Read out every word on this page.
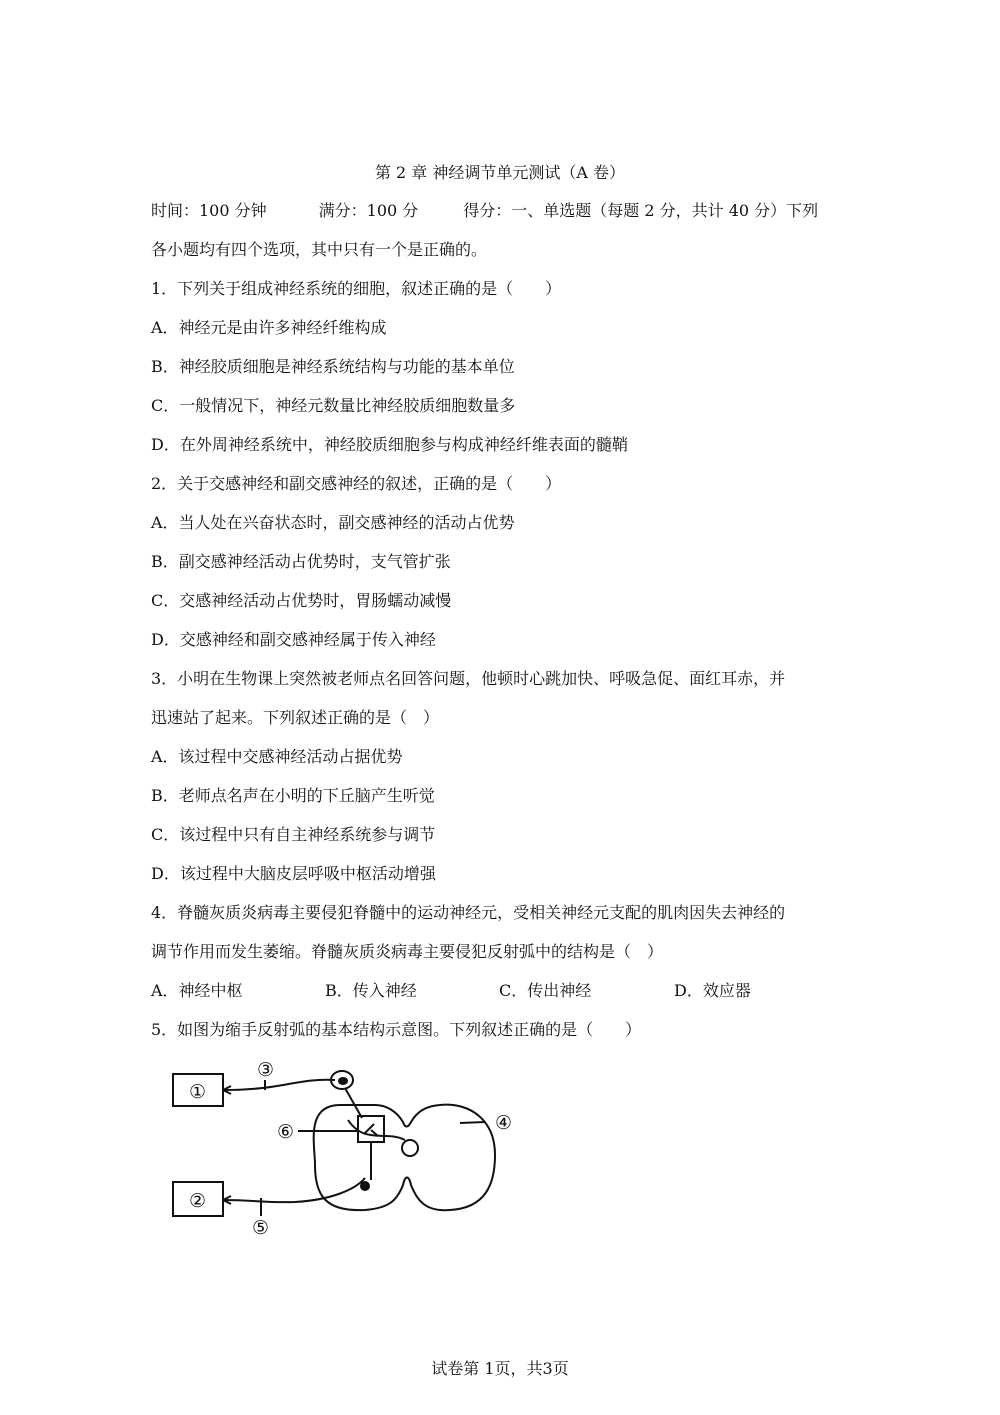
第 2 章 神经调节单元测试（A 卷）
时间：100 分钟	满分：100 分	得分：一、单选题（每题 2 分，共计 40 分）下列
各小题均有四个选项，其中只有一个是正确的。
1．下列关于组成神经系统的细胞，叙述正确的是（　　）
A．神经元是由许多神经纤维构成
B．神经胶质细胞是神经系统结构与功能的基本单位
C．一般情况下，神经元数量比神经胶质细胞数量多
D．在外周神经系统中，神经胶质细胞参与构成神经纤维表面的髓鞘
2．关于交感神经和副交感神经的叙述，正确的是（　　）
A．当人处在兴奋状态时，副交感神经的活动占优势
B．副交感神经活动占优势时，支气管扩张
C．交感神经活动占优势时，胃肠蠕动减慢
D．交感神经和副交感神经属于传入神经
3．小明在生物课上突然被老师点名回答问题，他顿时心跳加快、呼吸急促、面红耳赤，并
迅速站了起来。下列叙述正确的是（　）
A．该过程中交感神经活动占据优势
B．老师点名声在小明的下丘脑产生听觉
C．该过程中只有自主神经系统参与调节
D．该过程中大脑皮层呼吸中枢活动增强
4．脊髓灰质炎病毒主要侵犯脊髓中的运动神经元，受相关神经元支配的肌肉因失去神经的
调节作用而发生萎缩。脊髓灰质炎病毒主要侵犯反射弧中的结构是（　）
A．神经中枢	B．传入神经	C．传出神经	D．效应器
5．如图为缩手反射弧的基本结构示意图。下列叙述正确的是（　　）
①
②
③
④
⑤
⑥
试卷第 1页，共3页
